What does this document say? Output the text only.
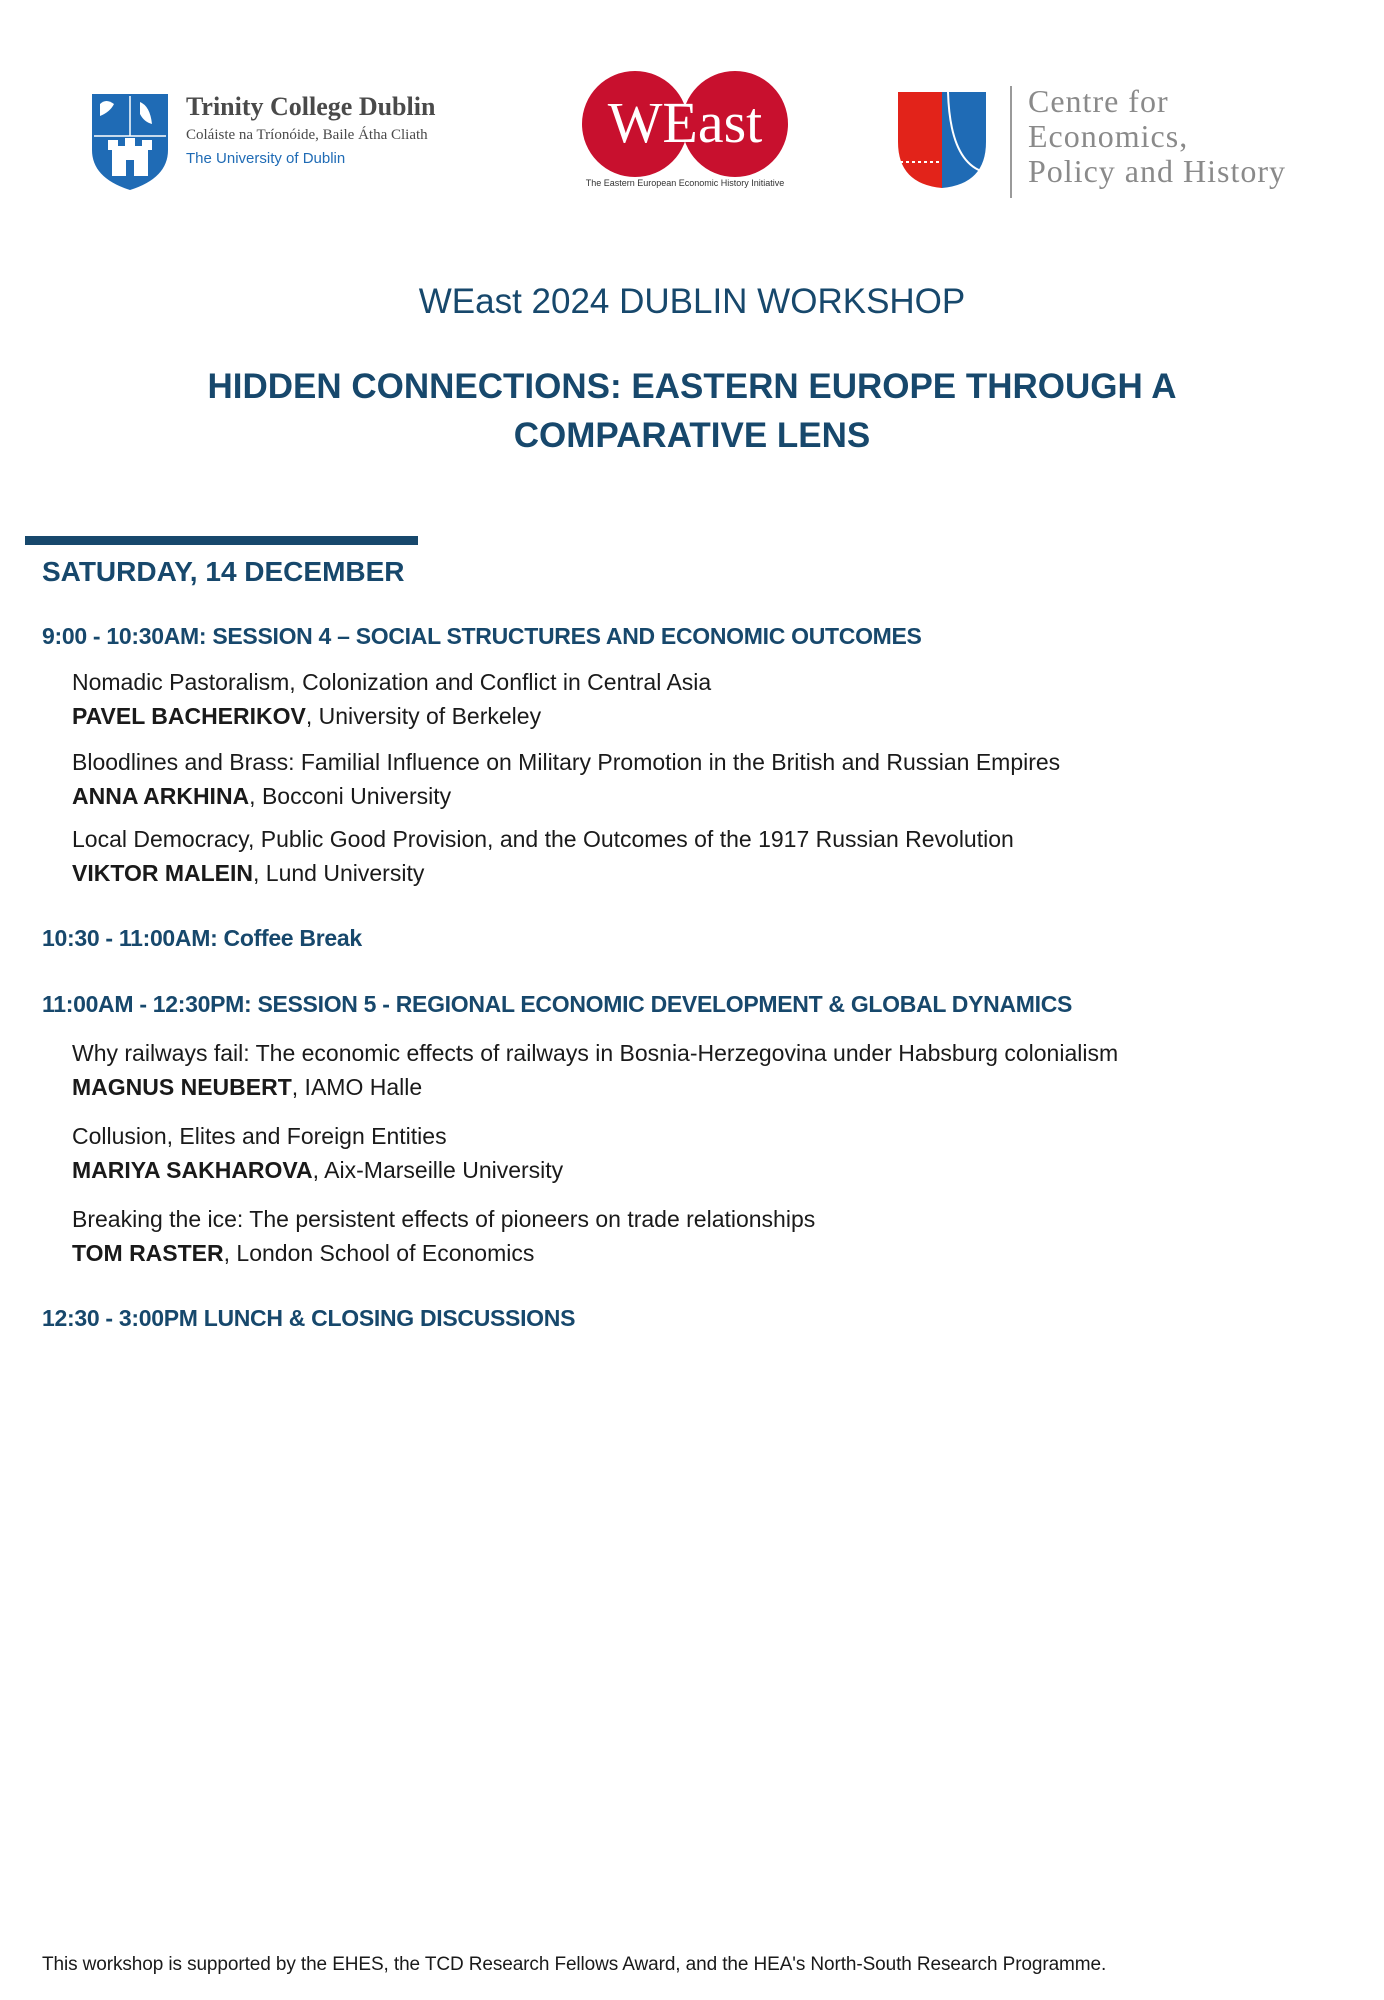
Trinity College Dublin
Coláiste na Tríonóide, Baile Átha Cliath
The University of Dublin
WEast
The Eastern European Economic History Initiative
Centre for
Economics,
Policy and History
WEast 2024 DUBLIN WORKSHOP
HIDDEN CONNECTIONS: EASTERN EUROPE THROUGH A COMPARATIVE LENS
SATURDAY, 14 DECEMBER
9:00 - 10:30AM: SESSION 4 – SOCIAL STRUCTURES AND ECONOMIC OUTCOMES
Nomadic Pastoralism, Colonization and Conflict in Central Asia
PAVEL BACHERIKOV, University of Berkeley
Bloodlines and Brass: Familial Influence on Military Promotion in the British and Russian Empires
ANNA ARKHINA, Bocconi University
Local Democracy, Public Good Provision, and the Outcomes of the 1917 Russian Revolution
VIKTOR MALEIN, Lund University
10:30 - 11:00AM: Coffee Break
11:00AM - 12:30PM: SESSION 5 - REGIONAL ECONOMIC DEVELOPMENT & GLOBAL DYNAMICS
Why railways fail: The economic effects of railways in Bosnia-Herzegovina under Habsburg colonialism
MAGNUS NEUBERT, IAMO Halle
Collusion, Elites and Foreign Entities
MARIYA SAKHAROVA, Aix-Marseille University
Breaking the ice: The persistent effects of pioneers on trade relationships
TOM RASTER, London School of Economics
12:30 - 3:00PM LUNCH & CLOSING DISCUSSIONS
This workshop is supported by the EHES, the TCD Research Fellows Award, and the HEA's North-South Research Programme.
